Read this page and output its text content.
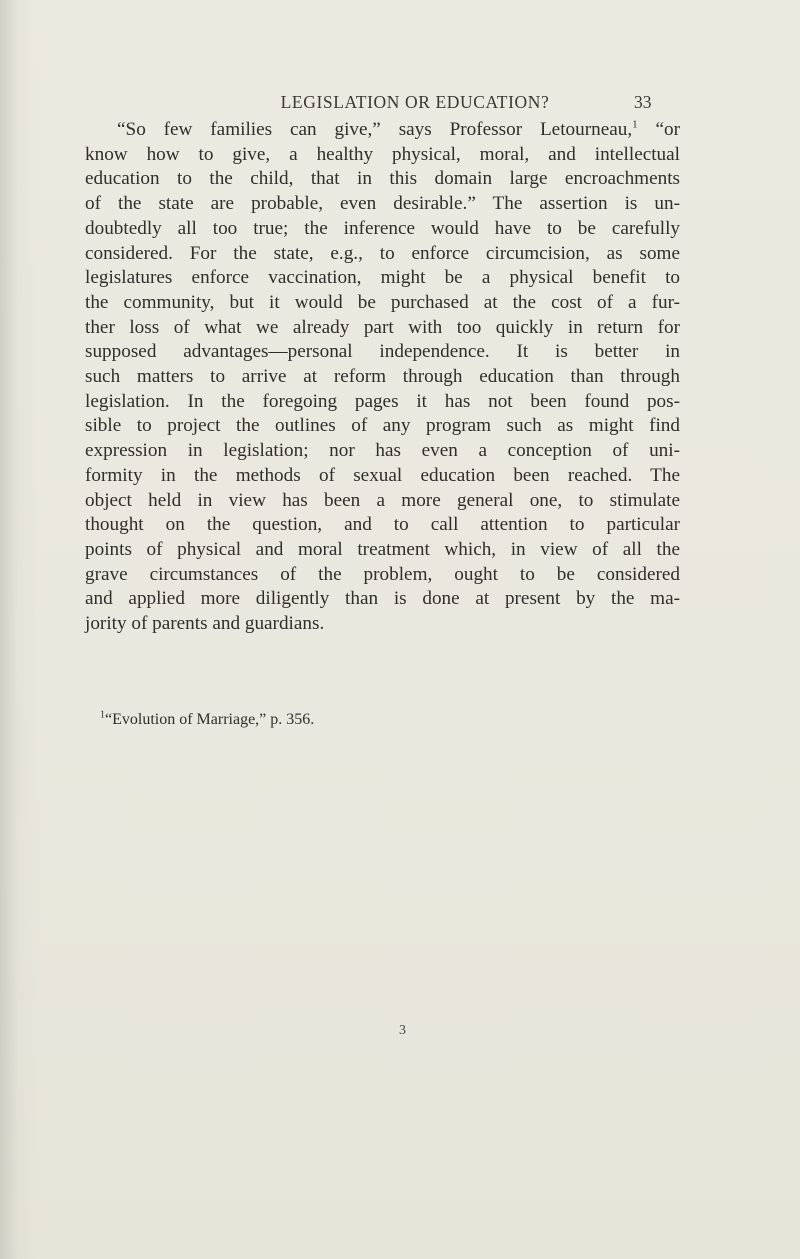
LEGISLATION OR EDUCATION?	33
“So few families can give,” says Professor Letourneau,$^1$ “or
know how to give, a healthy physical, moral, and intellectual
education to the child, that in this domain large encroachments
of the state are probable, even desirable.” The assertion is un-
doubtedly all too true; the inference would have to be carefully
considered. For the state, e.g., to enforce circumcision, as some
legislatures enforce vaccination, might be a physical benefit to
the community, but it would be purchased at the cost of a fur-
ther loss of what we already part with too quickly in return for
supposed advantages—personal independence. It is better in
such matters to arrive at reform through education than through
legislation. In the foregoing pages it has not been found pos-
sible to project the outlines of any program such as might find
expression in legislation; nor has even a conception of uni-
formity in the methods of sexual education been reached. The
object held in view has been a more general one, to stimulate
thought on the question, and to call attention to particular
points of physical and moral treatment which, in view of all the
grave circumstances of the problem, ought to be considered
and applied more diligently than is done at present by the ma-
jority of parents and guardians.
$^1$“Evolution of Marriage,” p. 356.
3
